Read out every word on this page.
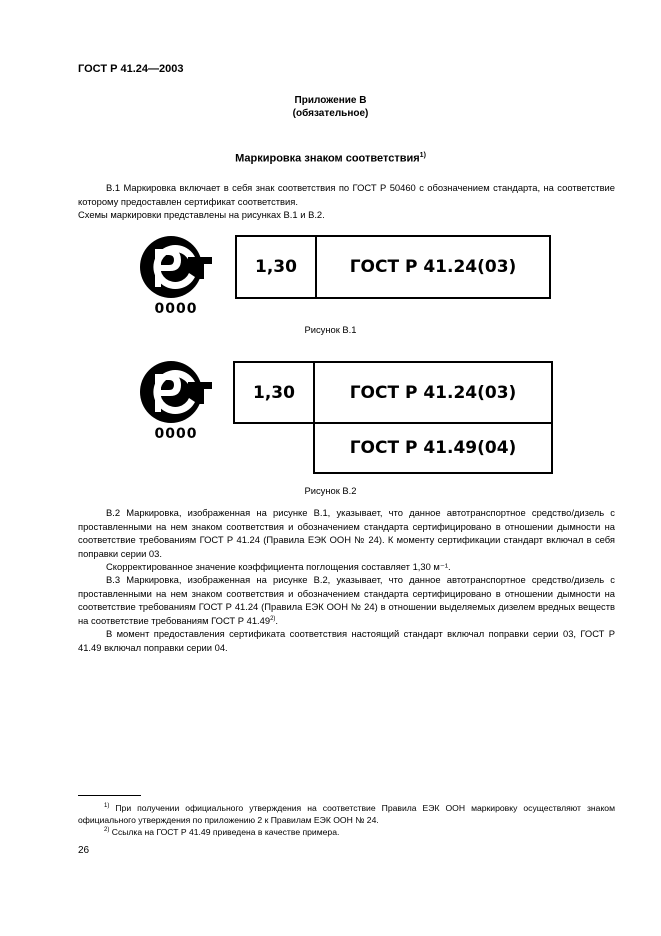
ГОСТ Р 41.24—2003
Приложение В
(обязательное)
Маркировка знаком соответствия$^{1)}$

В.1 Маркировка включает в себя знак соответствия по ГОСТ Р 50460 с обозначением стандарта, на соответствие которому предоставлен сертификат соответствия.

Схемы маркировки представлены на рисунках В.1 и В.2.

0000
1,30	ГОСТ Р 41.24(03)
Рисунок В.1
0000
1,30	ГОСТ Р 41.24(03)
ГОСТ Р 41.49(04)
Рисунок В.2

В.2 Маркировка, изображенная на рисунке В.1, указывает, что данное автотранспортное средство/дизель с проставленными на нем знаком соответствия и обозначением стандарта сертифицировано в отношении дымности на соответствие требованиям ГОСТ Р 41.24 (Правила ЕЭК ООН № 24). К моменту сертификации стандарт включал в себя поправки серии 03.

Скорректированное значение коэффициента поглощения составляет 1,30 м⁻¹.

В.3 Маркировка, изображенная на рисунке В.2, указывает, что данное автотранспортное средство/дизель с проставленными на нем знаком соответствия и обозначением стандарта сертифицировано в отношении дымности на соответствие требованиям ГОСТ Р 41.24 (Правила ЕЭК ООН № 24) в отношении выделяемых дизелем вредных веществ на соответствие требованиям ГОСТ Р 41.49$^{2)}$.

В момент предоставления сертификата соответствия настоящий стандарт включал поправки серии 03, ГОСТ Р 41.49 включал поправки серии 04.

$^{1)}$ При получении официального утверждения на соответствие Правила ЕЭК ООН маркировку осуществляют знаком официального утверждения по приложению 2 к Правилам ЕЭК ООН № 24.

$^{2)}$ Ссылка на ГОСТ Р 41.49 приведена в качестве примера.

26
